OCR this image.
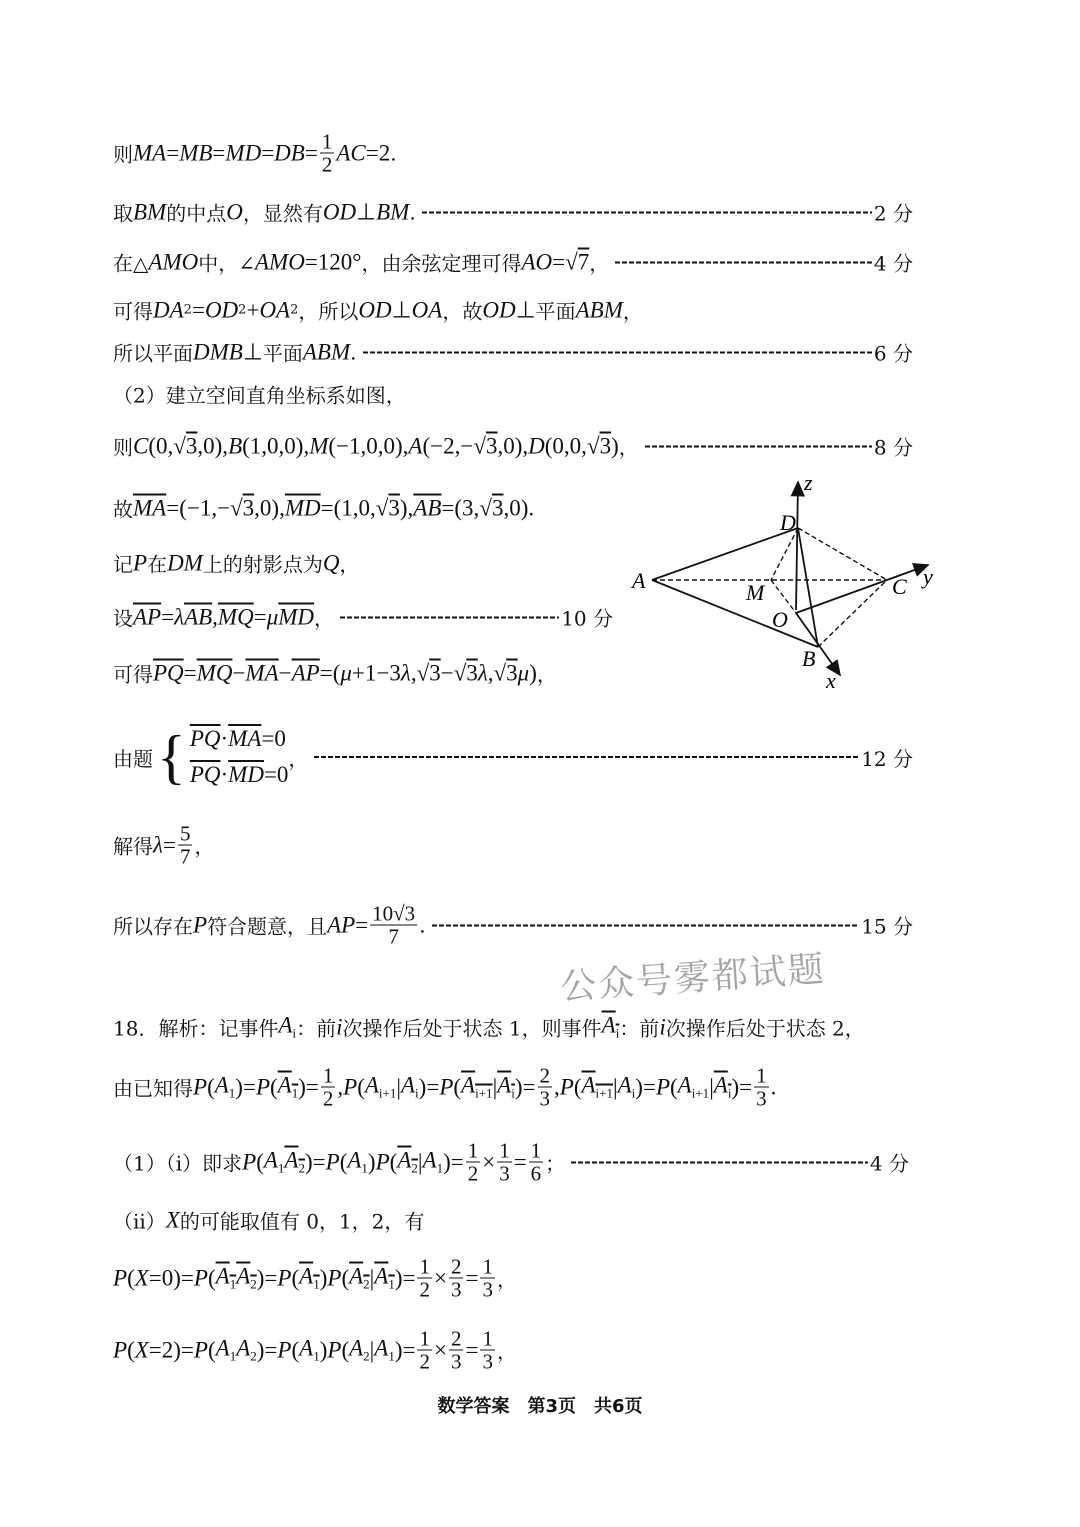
则 MA = MB = MD = DB = $\frac{1}{2}$ AC =2 .
取 BM 的中点 O ，显然有 OD ⊥ BM .	2 分
在△ AMO 中，∠ AMO =120° ，由余弦定理可得 AO = √7 ，	4 分
可得 DA 2 = OD 2 + OA 2 ，所以 OD ⊥ OA ，故 OD ⊥ 平面 ABM ，
所以平面 DMB ⊥ 平面 ABM .	6 分
（2）建立空间直角坐标系如图，
则 C (0, √3 ,0), B (1,0,0), M (−1,0,0), A (−2,− √3 ,0), D (0,0, √3 ) ，	8 分
故 $\overline{MA} =(-1,- √3$ ,0), $\overline{MD} =(1,0$, √3 ), $\overline{AB} =(3$, √3 ,0).
记 P 在 DM 上的射影点为 Q ，
设 $\overline{AP} = \lambda$ $\overline{AB}$ , $\overline{MQ} = \mu$ $\overline{MD}$ ，	10 分
可得 $\overline{PQ} = \overline{MQ} - \overline{MA} - \overline{AP}$ =( μ +1−3 λ , √3 − √3 λ , √3 μ ) ，
由题 { $\overline{PQ} \cdot \overline{MA} =0$
$\overline{PQ} \cdot \overline{MD} =0$
，	12 分
解得 $\lambda = \frac{5}{7}$ ，
所以存在 P 符合题意，且 AP = $\frac{10√3}{7}$ .	15 分
18．解析：记事件 $A_i$ ：前 i 次操作后处于状态 1，则事件 $A_i$ ：前 i 次操作后处于状态 2，
由已知得 P ( $A_1$ )= P ( $A_1$ )= $\frac{1}{2}$ , P ( $A_{i+1}$ | $A_i$ )= P ( $A_{i+1}$ | $A_i$ )= $\frac{2}{3}$ , P ( $A_{i+1}$ | $A_i$ )= P ( $A_{i+1}$ | $A_i$ )= $\frac{1}{3}$ .
（1）（i）即求 P ( $A_1$ $A_2$ )= P ( $A_1$ ) P ( $A_2$ | $A_1$ )= $\frac{1}{2} \times \frac{1}{3} = \frac{1}{6}$ ；	4 分
（ii） X 的可能取值有 0，1，2，有
P ( X =0)= P ( $A_1$ $A_2$ )= P ( $A_1$ ) P ( $A_2$ | $A_1$ )= $\frac{1}{2} \times \frac{2}{3} = \frac{1}{3}$ ，
P ( X =2)= P ( $A_1$ $A_2$ )= P ( $A_1$ ) P ( $A_2$ | $A_1$ )= $\frac{1}{2} \times \frac{2}{3} = \frac{1}{3}$ ，
A
D
M
O
B
C y
z
x
公众号雾都试题
数学答案　第3页　共6页
